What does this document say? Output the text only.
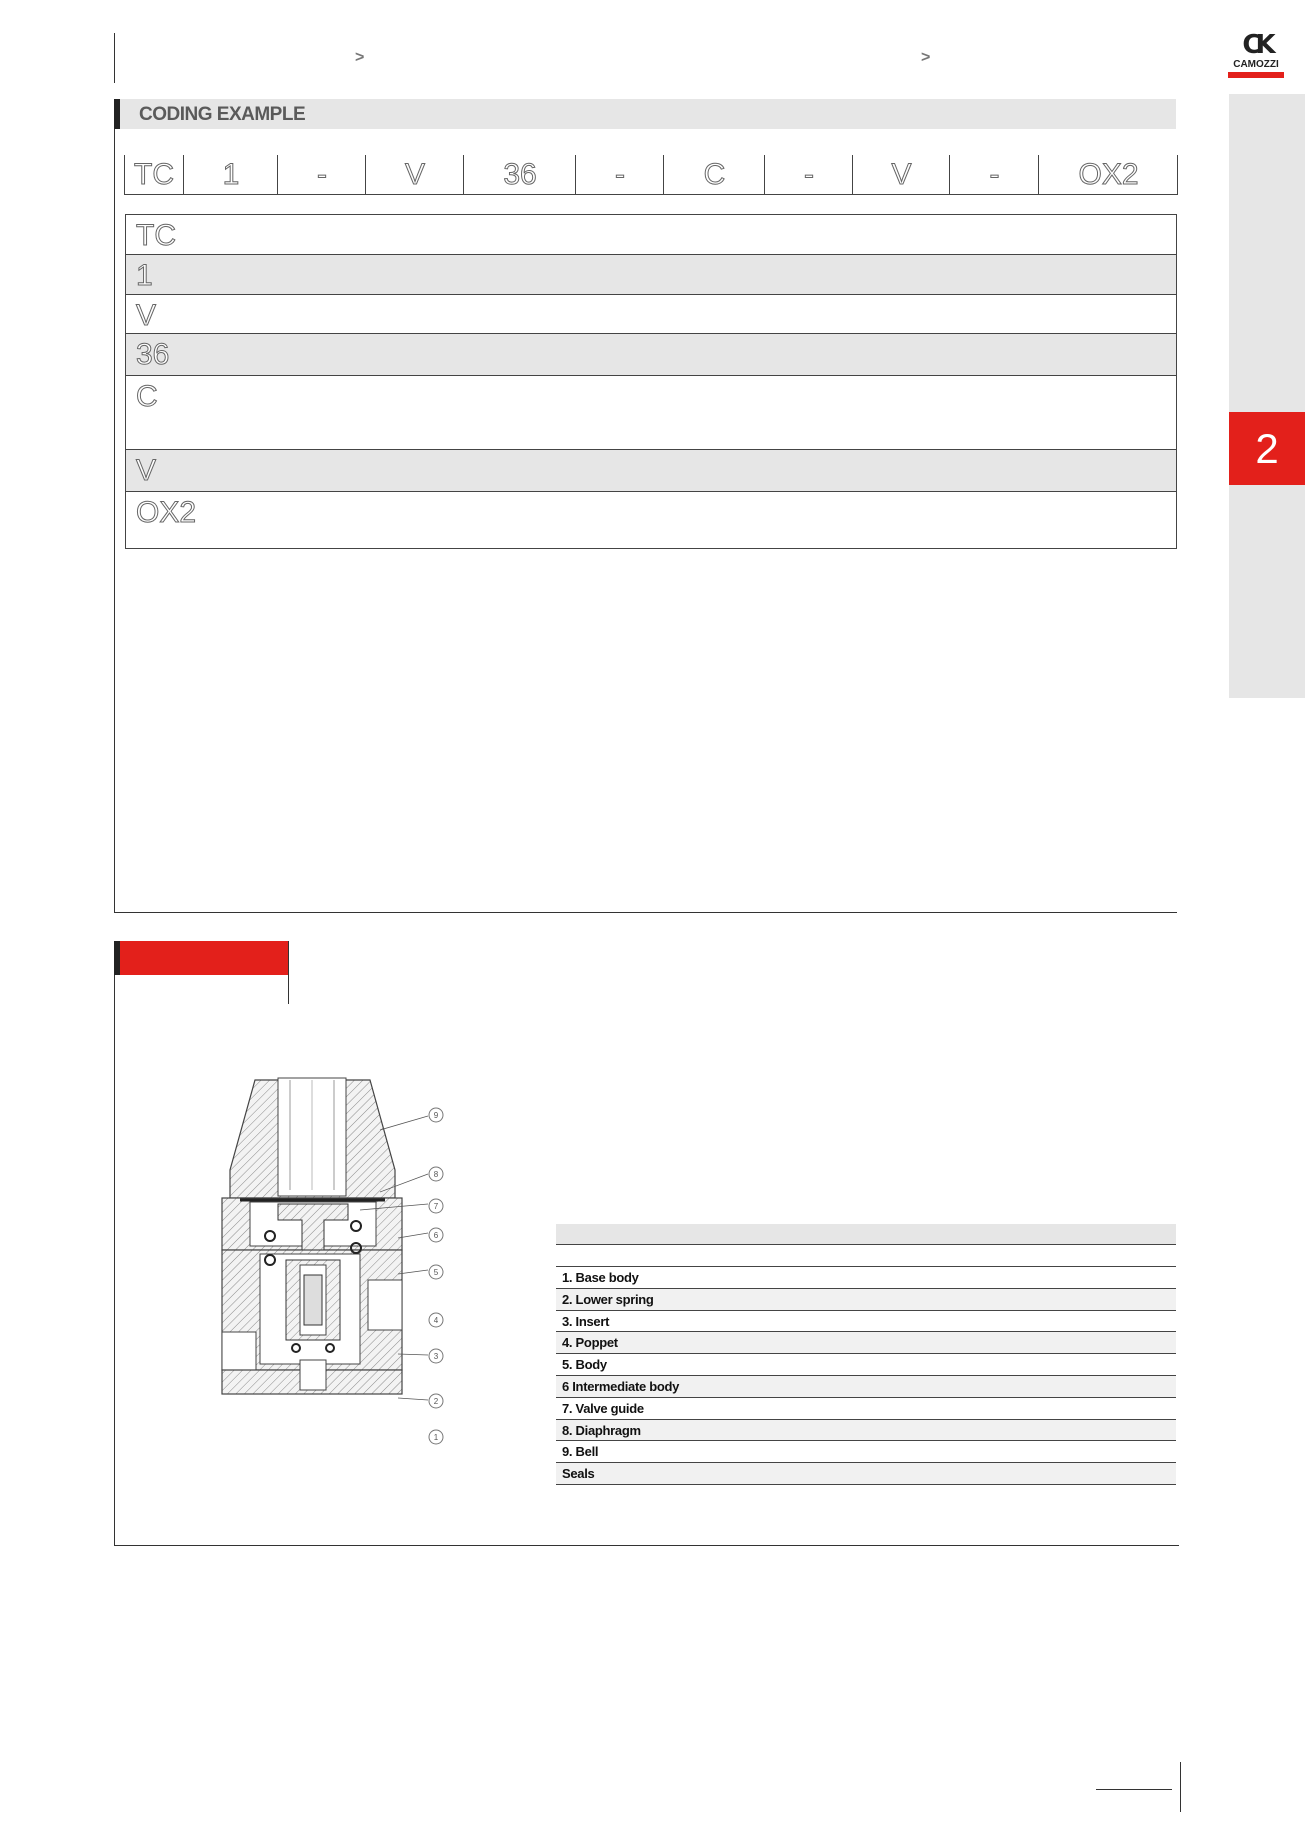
>	>	CK
CAMOZZI
2
CODING EXAMPLE
TC	1	-	V	36	-	C	-	V	-	OX2
TC
1
V
36
C
V
OX2
9
8
7
6
5
4
3
2
1
1. Base body
2. Lower spring
3. Insert
4. Poppet
5. Body
6 Intermediate body
7. Valve guide
8. Diaphragm
9. Bell
Seals
